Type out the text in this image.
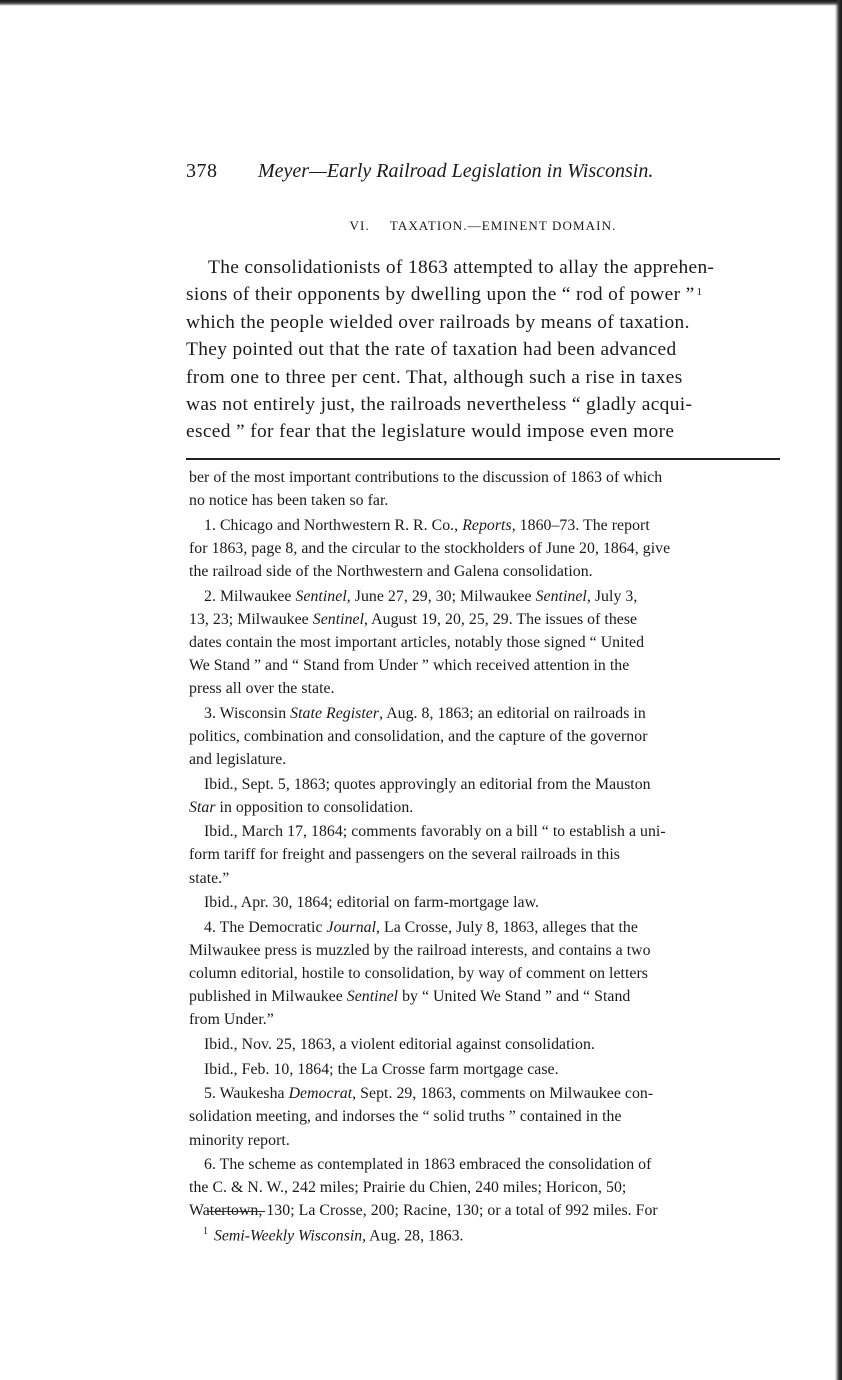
378 Meyer—Early Railroad Legislation in Wisconsin.
VI. TAXATION.—EMINENT DOMAIN.
The consolidationists of 1863 attempted to allay the apprehen-
sions of their opponents by dwelling upon the “ rod of power ” $^1$
which the people wielded over railroads by means of taxation.
They pointed out that the rate of taxation had been advanced
from one to three per cent. That, although such a rise in taxes
was not entirely just, the railroads nevertheless “ gladly acqui-
esced ” for fear that the legislature would impose even more
ber of the most important contributions to the discussion of 1863 of which
no notice has been taken so far.
1. Chicago and Northwestern R. R. Co., Reports, 1860–73. The report
for 1863, page 8, and the circular to the stockholders of June 20, 1864, give
the railroad side of the Northwestern and Galena consolidation.
2. Milwaukee Sentinel, June 27, 29, 30; Milwaukee Sentinel, July 3,
13, 23; Milwaukee Sentinel, August 19, 20, 25, 29. The issues of these
dates contain the most important articles, notably those signed “ United
We Stand ” and “ Stand from Under ” which received attention in the
press all over the state.
3. Wisconsin State Register, Aug. 8, 1863; an editorial on railroads in
politics, combination and consolidation, and the capture of the governor
and legislature.
Ibid., Sept. 5, 1863; quotes approvingly an editorial from the Mauston
Star in opposition to consolidation.
Ibid., March 17, 1864; comments favorably on a bill “ to establish a uni-
form tariff for freight and passengers on the several railroads in this
state.”
Ibid., Apr. 30, 1864; editorial on farm-mortgage law.
4. The Democratic Journal, La Crosse, July 8, 1863, alleges that the
Milwaukee press is muzzled by the railroad interests, and contains a two
column editorial, hostile to consolidation, by way of comment on letters
published in Milwaukee Sentinel by “ United We Stand ” and “ Stand
from Under.”
Ibid., Nov. 25, 1863, a violent editorial against consolidation.
Ibid., Feb. 10, 1864; the La Crosse farm mortgage case.
5. Waukesha Democrat, Sept. 29, 1863, comments on Milwaukee con-
solidation meeting, and indorses the “ solid truths ” contained in the
minority report.
6. The scheme as contemplated in 1863 embraced the consolidation of
the C. & N. W., 242 miles; Prairie du Chien, 240 miles; Horicon, 50;
Watertown, 130; La Crosse, 200; Racine, 130; or a total of 992 miles. For
$^1$ Semi-Weekly Wisconsin, Aug. 28, 1863.
